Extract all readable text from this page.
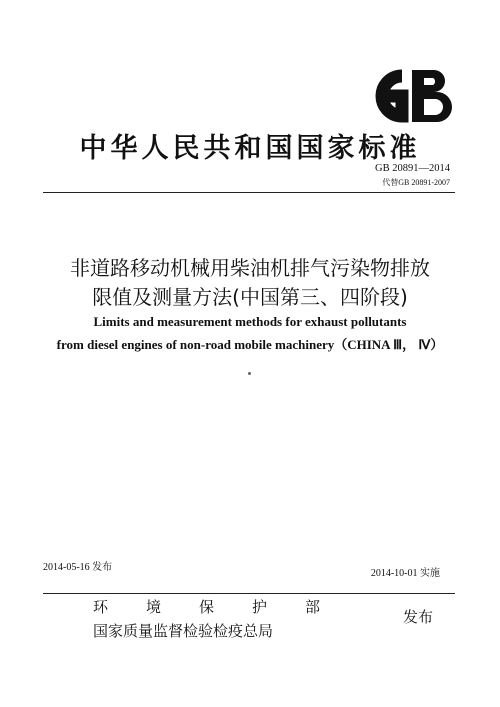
中华人民共和国国家标准
GB 20891—2014
代替GB 20891-2007
非道路移动机械用柴油机排气污染物排放
限值及测量方法(中国第三、四阶段)
Limits and measurement methods for exhaust pollutants
from diesel engines of non-road mobile machinery（CHINA Ⅲ， Ⅳ）
2014-05-16 发布
2014-10-01 实施
环境保护部
国家质量监督检验检疫总局
发布
